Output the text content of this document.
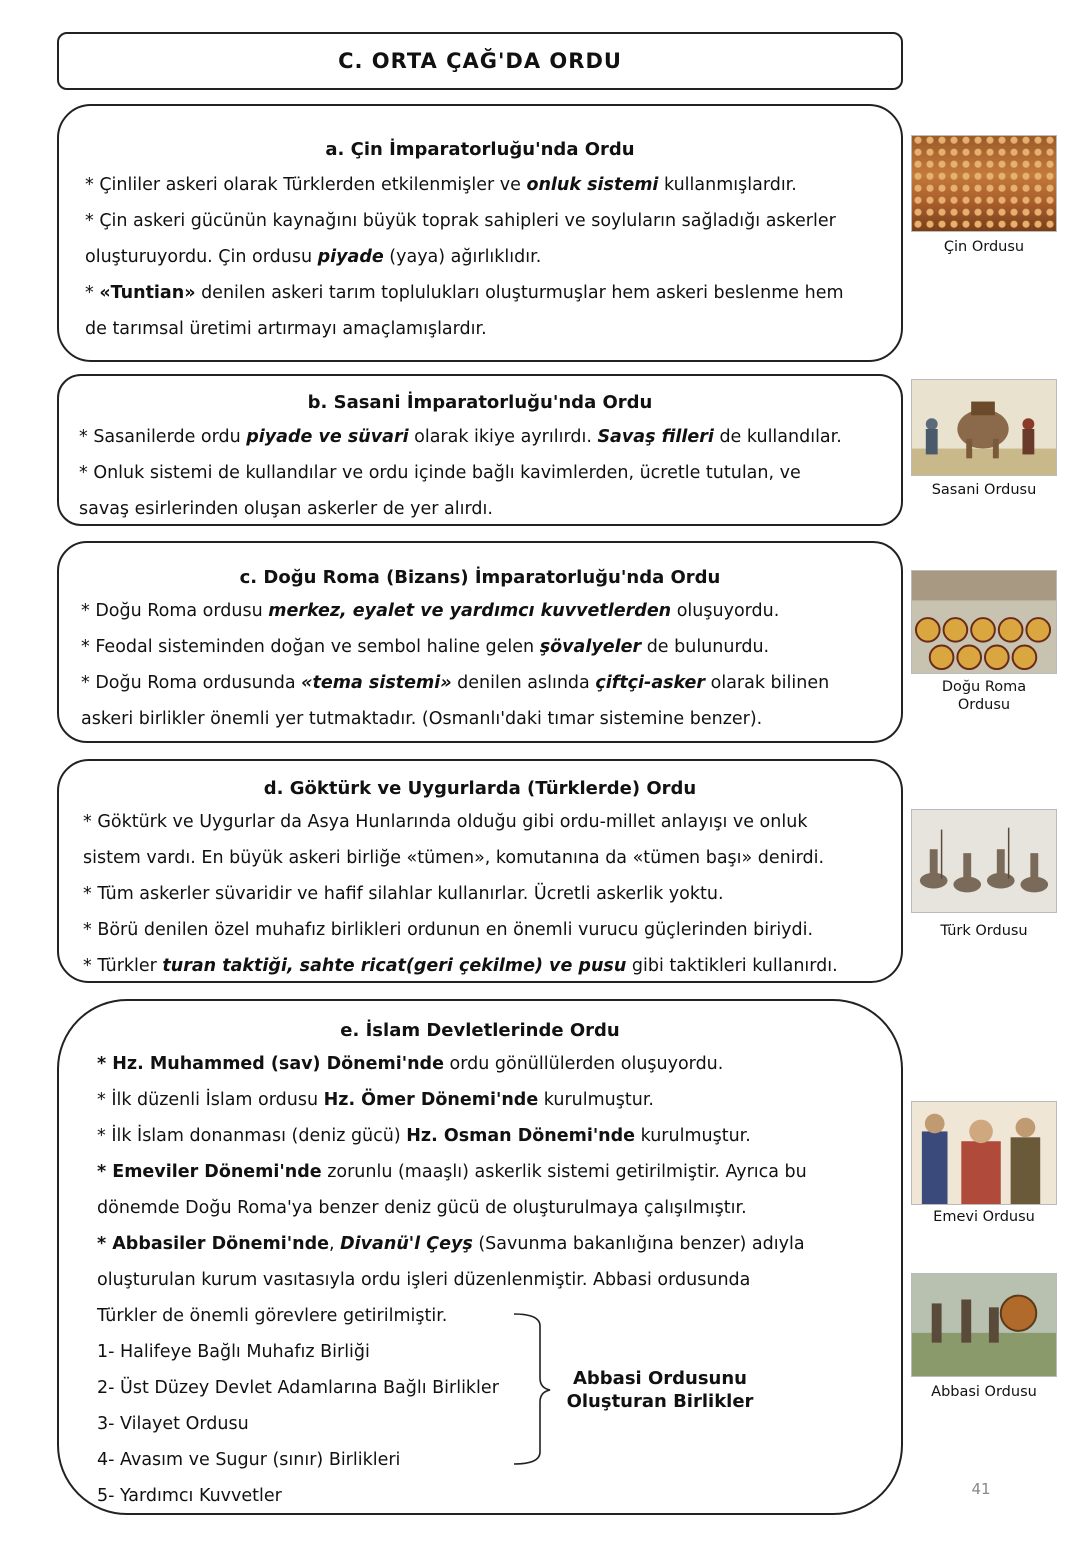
C. ORTA ÇAĞ'DA ORDU
a. Çin İmparatorluğu'nda Ordu
* Çinliler askeri olarak Türklerden etkilenmişler ve onluk sistemi kullanmışlardır.
* Çin askeri gücünün kaynağını büyük toprak sahipleri ve soyluların sağladığı askerler
oluşturuyordu. Çin ordusu piyade (yaya) ağırlıklıdır.
* «Tuntian» denilen askeri tarım toplulukları oluşturmuşlar hem askeri beslenme hem
de tarımsal üretimi artırmayı amaçlamışlardır.
b. Sasani İmparatorluğu'nda Ordu
* Sasanilerde ordu piyade ve süvari olarak ikiye ayrılırdı. Savaş filleri de kullandılar.
* Onluk sistemi de kullandılar ve ordu içinde bağlı kavimlerden, ücretle tutulan, ve
savaş esirlerinden oluşan askerler de yer alırdı.
c. Doğu Roma (Bizans) İmparatorluğu'nda Ordu
* Doğu Roma ordusu merkez, eyalet ve yardımcı kuvvetlerden oluşuyordu.
* Feodal sisteminden doğan ve sembol haline gelen şövalyeler de bulunurdu.
* Doğu Roma ordusunda «tema sistemi» denilen aslında çiftçi-asker olarak bilinen
askeri birlikler önemli yer tutmaktadır. (Osmanlı'daki tımar sistemine benzer).
d. Göktürk ve Uygurlarda (Türklerde) Ordu
* Göktürk ve Uygurlar da Asya Hunlarında olduğu gibi ordu-millet anlayışı ve onluk
sistem vardı. En büyük askeri birliğe «tümen», komutanına da «tümen başı» denirdi.
* Tüm askerler süvaridir ve hafif silahlar kullanırlar. Ücretli askerlik yoktu.
* Börü denilen özel muhafız birlikleri ordunun en önemli vurucu güçlerinden biriydi.
* Türkler turan taktiği, sahte ricat(geri çekilme) ve pusu gibi taktikleri kullanırdı.
e. İslam Devletlerinde Ordu
* Hz. Muhammed (sav) Dönemi'nde ordu gönüllülerden oluşuyordu.
* İlk düzenli İslam ordusu Hz. Ömer Dönemi'nde kurulmuştur.
* İlk İslam donanması (deniz gücü) Hz. Osman Dönemi'nde kurulmuştur.
* Emeviler Dönemi'nde zorunlu (maaşlı) askerlik sistemi getirilmiştir. Ayrıca bu
dönemde Doğu Roma'ya benzer deniz gücü de oluşturulmaya çalışılmıştır.
* Abbasiler Dönemi'nde, Divanü'l Çeyş (Savunma bakanlığına benzer) adıyla
oluşturulan kurum vasıtasıyla ordu işleri düzenlenmiştir. Abbasi ordusunda
Türkler de önemli görevlere getirilmiştir.
1- Halifeye Bağlı Muhafız Birliği
2- Üst Düzey Devlet Adamlarına Bağlı Birlikler
3- Vilayet Ordusu
4- Avasım ve Sugur (sınır) Birlikleri
5- Yardımcı Kuvvetler
Abbasi Ordusunu
Oluşturan Birlikler
Çin Ordusu
Sasani Ordusu
Doğu Roma
Ordusu
Türk Ordusu
Emevi Ordusu
Abbasi Ordusu
41
